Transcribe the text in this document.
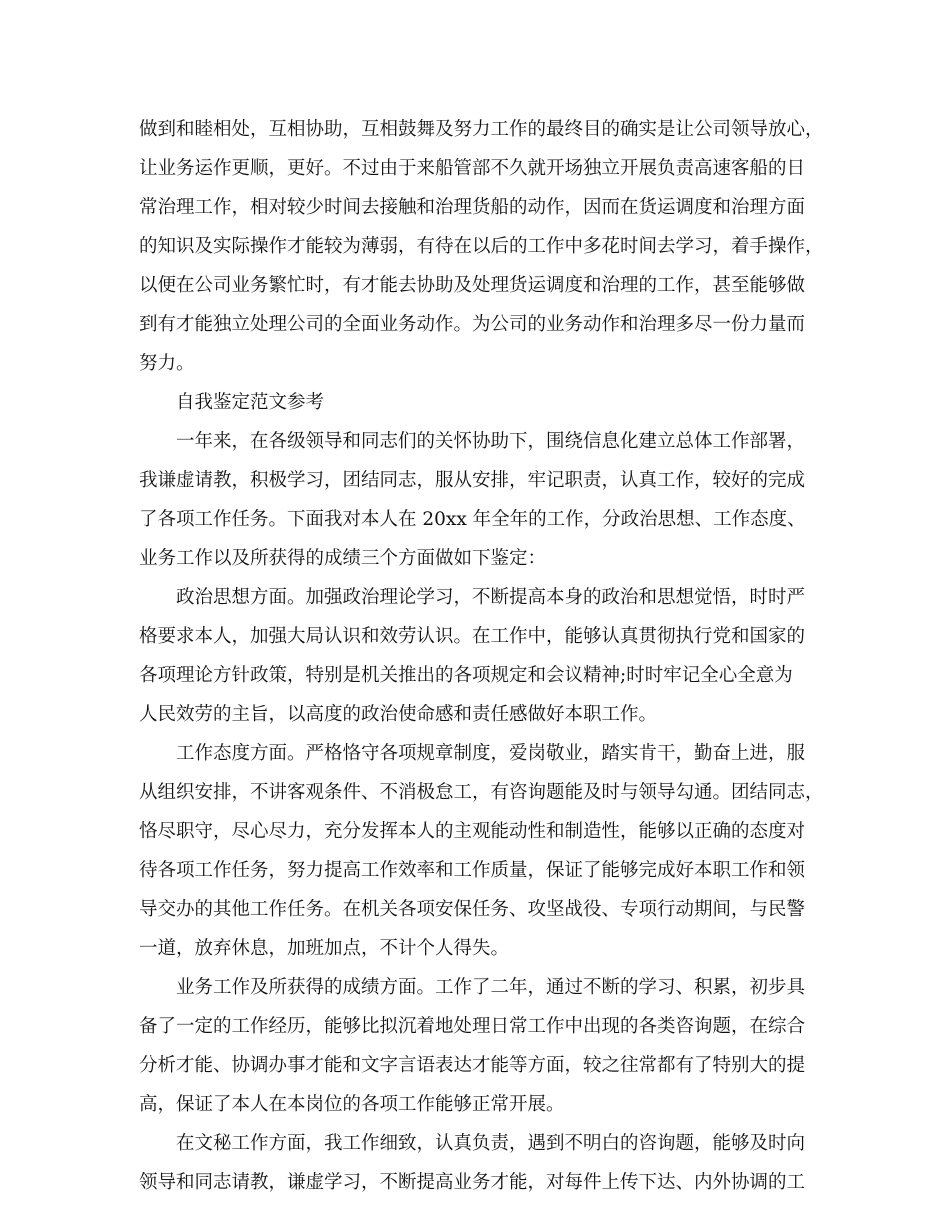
做到和睦相处，互相协助，互相鼓舞及努力工作的最终目的确实是让公司领导放心，
让业务运作更顺，更好。不过由于来船管部不久就开场独立开展负责高速客船的日
常治理工作，相对较少时间去接触和治理货船的动作，因而在货运调度和治理方面
的知识及实际操作才能较为薄弱，有待在以后的工作中多花时间去学习，着手操作，
以便在公司业务繁忙时，有才能去协助及处理货运调度和治理的工作，甚至能够做
到有才能独立处理公司的全面业务动作。为公司的业务动作和治理多尽一份力量而
努力。
自我鉴定范文参考
一年来，在各级领导和同志们的关怀协助下，围绕信息化建立总体工作部署，
我谦虚请教，积极学习，团结同志，服从安排，牢记职责，认真工作，较好的完成
了各项工作任务。下面我对本人在 20xx 年全年的工作，分政治思想、工作态度、
业务工作以及所获得的成绩三个方面做如下鉴定：
政治思想方面。加强政治理论学习，不断提高本身的政治和思想觉悟，时时严
格要求本人，加强大局认识和效劳认识。在工作中，能够认真贯彻执行党和国家的
各项理论方针政策，特别是机关推出的各项规定和会议精神;时时牢记全心全意为
人民效劳的主旨，以高度的政治使命感和责任感做好本职工作。
工作态度方面。严格恪守各项规章制度，爱岗敬业，踏实肯干，勤奋上进，服
从组织安排，不讲客观条件、不消极怠工，有咨询题能及时与领导勾通。团结同志，
恪尽职守，尽心尽力，充分发挥本人的主观能动性和制造性，能够以正确的态度对
待各项工作任务，努力提高工作效率和工作质量，保证了能够完成好本职工作和领
导交办的其他工作任务。在机关各项安保任务、攻坚战役、专项行动期间，与民警
一道，放弃休息，加班加点，不计个人得失。
业务工作及所获得的成绩方面。工作了二年，通过不断的学习、积累，初步具
备了一定的工作经历，能够比拟沉着地处理日常工作中出现的各类咨询题，在综合
分析才能、协调办事才能和文字言语表达才能等方面，较之往常都有了特别大的提
高，保证了本人在本岗位的各项工作能够正常开展。
在文秘工作方面，我工作细致，认真负责，遇到不明白的咨询题，能够及时向
领导和同志请教，谦虚学习，不断提高业务才能，对每件上传下达、内外协调的工
